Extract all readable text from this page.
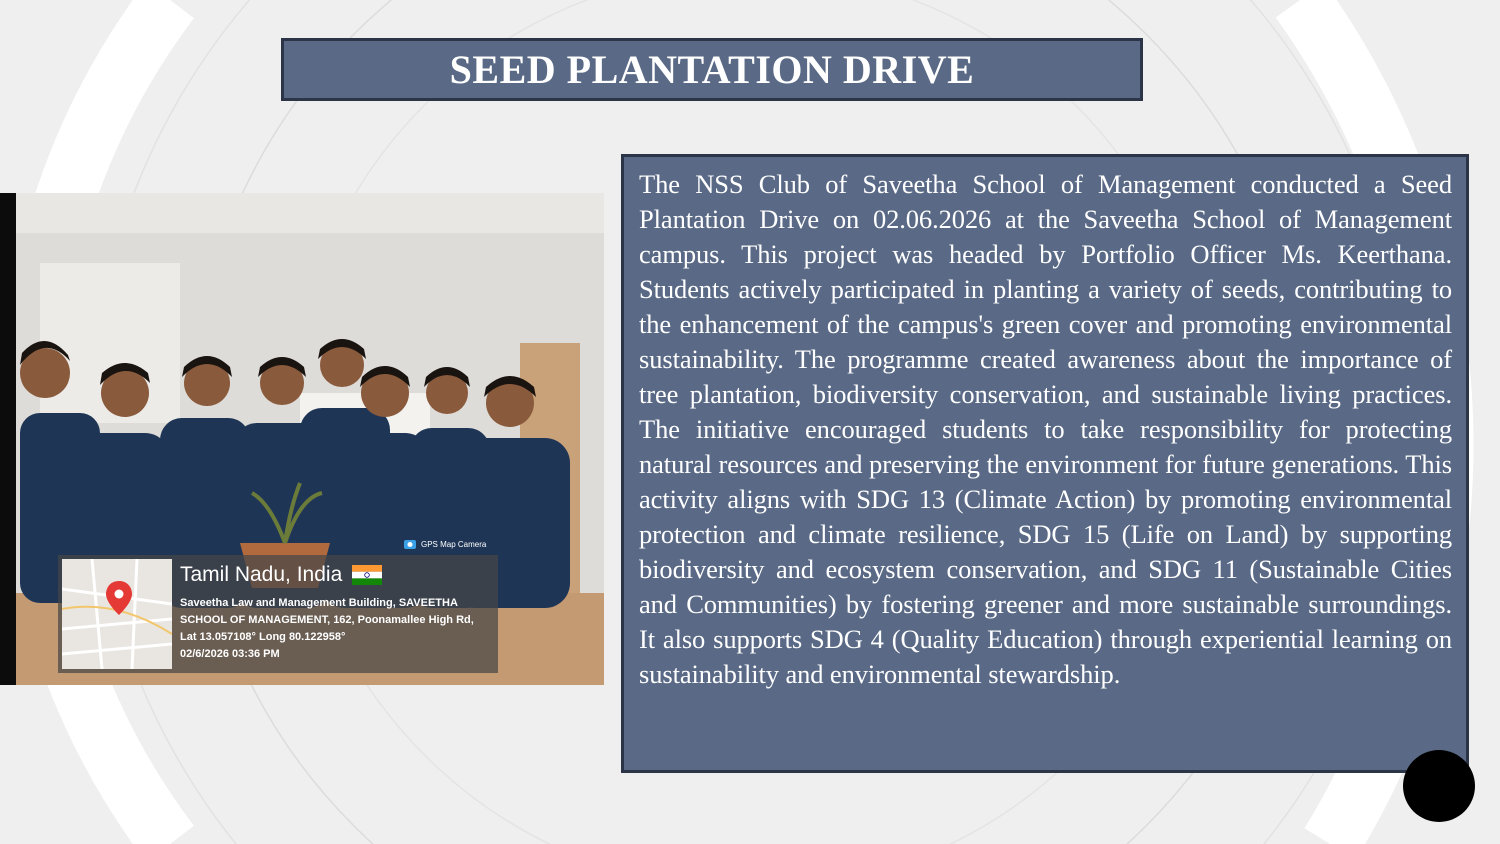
SEED PLANTATION DRIVE
GPS Map Camera
Tamil Nadu, India
Saveetha Law and Management Building, SAVEETHA
SCHOOL OF MANAGEMENT, 162, Poonamallee High Rd,
Lat 13.057108° Long 80.122958°
02/6/2026 03:36 PM

The NSS Club of Saveetha School of Management conducted a Seed Plantation Drive on 02.06.2026 at the Saveetha School of Management campus. This project was headed by Portfolio Officer Ms. Keerthana. Students actively participated in planting a variety of seeds, contributing to the enhancement of the campus's green cover and promoting environmental sustainability. The programme created awareness about the importance of tree plantation, biodiversity conservation, and sustainable living practices. The initiative encouraged students to take responsibility for protecting natural resources and preserving the environment for future generations. This activity aligns with SDG 13 (Climate Action) by promoting environmental protection and climate resilience, SDG 15 (Life on Land) by supporting biodiversity and ecosystem conservation, and SDG 11 (Sustainable Cities and Communities) by fostering greener and more sustainable surroundings. It also supports SDG 4 (Quality Education) through experiential learning on sustainability and environmental stewardship.
